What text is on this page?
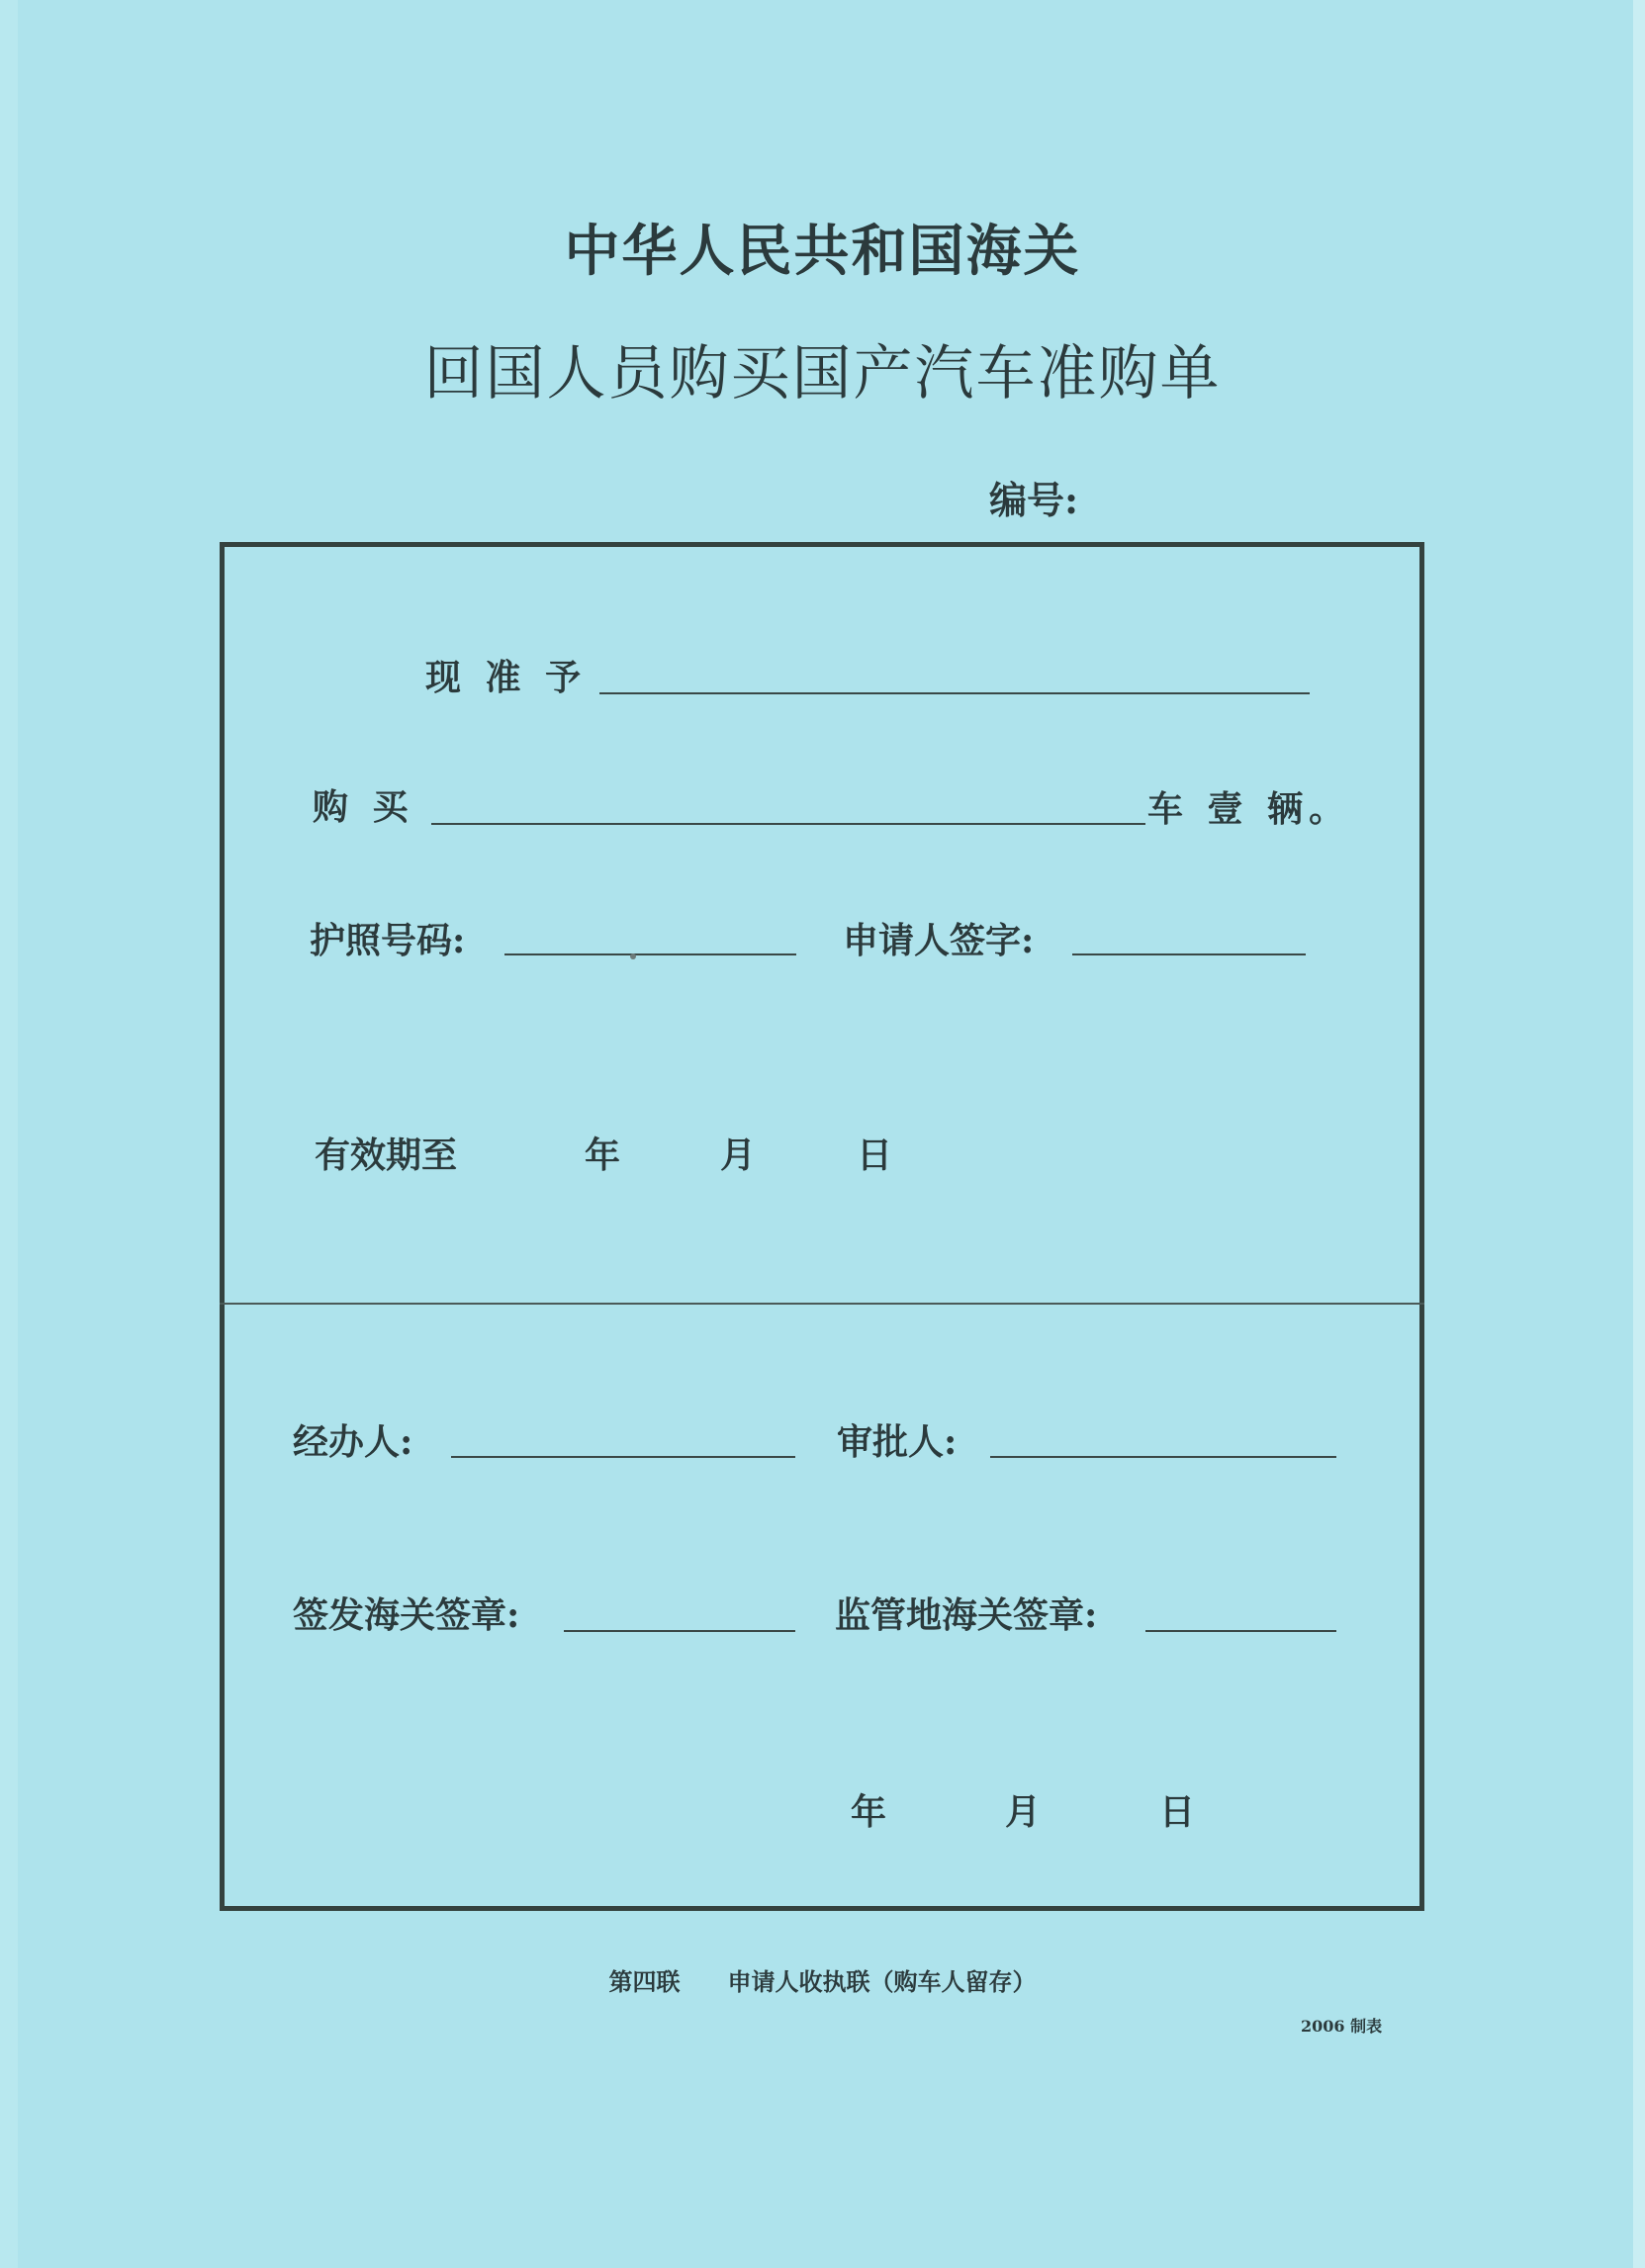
中华人民共和国海关
回国人员购买国产汽车准购单
编号:
现 准 予
购 买	车 壹 辆。
护照号码:	申请人签字:
有效期至	年	月	日
经办人:	审批人:
签发海关签章:	监管地海关签章:
年	月	日
第四联　　申请人收执联（购车人留存）
2006 制表
